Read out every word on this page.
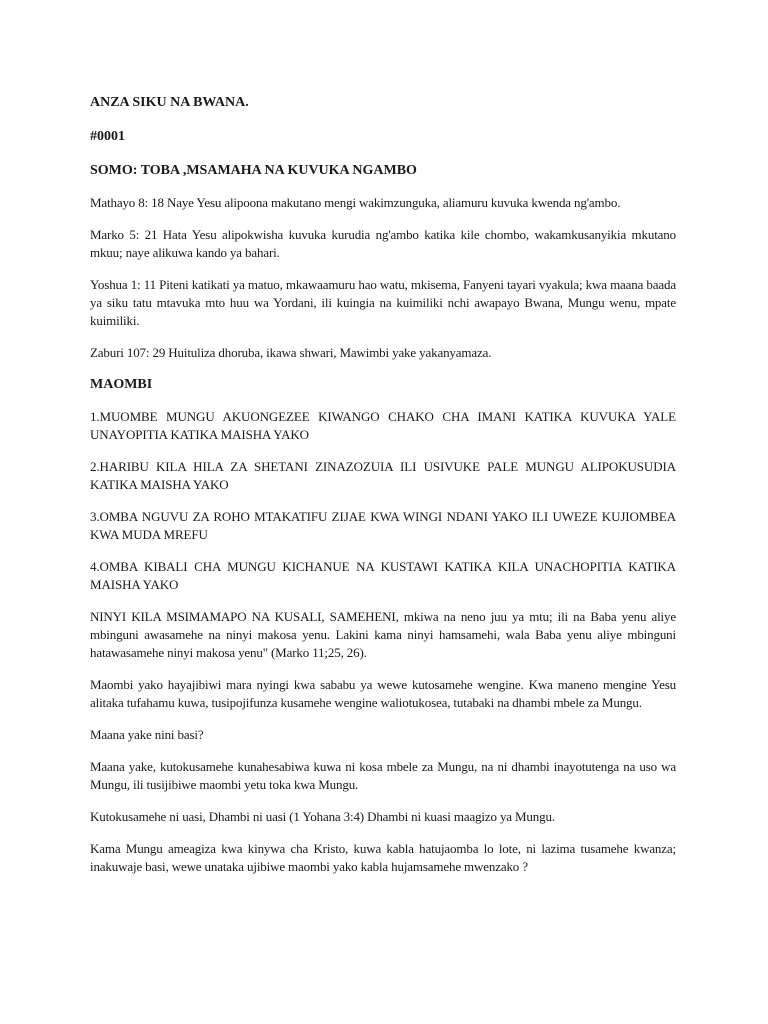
ANZA SIKU NA BWANA.

#0001

SOMO: TOBA ,MSAMAHA NA KUVUKA NGAMBO

Mathayo 8: 18 Naye Yesu alipoona makutano mengi wakimzunguka, aliamuru kuvuka kwenda ng'ambo.

Marko 5: 21 Hata Yesu alipokwisha kuvuka kurudia ng'ambo katika kile chombo, wakamkusanyikia mkutano mkuu; naye alikuwa kando ya bahari.

Yoshua 1: 11 Piteni katikati ya matuo, mkawaamuru hao watu, mkisema, Fanyeni tayari vyakula; kwa maana baada ya siku tatu mtavuka mto huu wa Yordani, ili kuingia na kuimiliki nchi awapayo Bwana, Mungu wenu, mpate kuimiliki.

Zaburi 107: 29 Huituliza dhoruba, ikawa shwari, Mawimbi yake yakanyamaza.

MAOMBI

1.MUOMBE MUNGU AKUONGEZEE KIWANGO CHAKO CHA IMANI KATIKA KUVUKA YALE UNAYOPITIA KATIKA MAISHA YAKO

2.HARIBU KILA HILA ZA SHETANI ZINAZOZUIA ILI USIVUKE PALE MUNGU ALIPOKUSUDIA KATIKA MAISHA YAKO

3.OMBA NGUVU ZA ROHO MTAKATIFU ZIJAE KWA WINGI NDANI YAKO ILI UWEZE KUJIOMBEA KWA MUDA MREFU

4.OMBA KIBALI CHA MUNGU KICHANUE NA KUSTAWI KATIKA KILA UNACHOPITIA KATIKA MAISHA YAKO

NINYI KILA MSIMAMAPO NA KUSALI, SAMEHENI, mkiwa na neno juu ya mtu; ili na Baba yenu aliye mbinguni awasamehe na ninyi makosa yenu. Lakini kama ninyi hamsamehi, wala Baba yenu aliye mbinguni hatawasamehe ninyi makosa yenu" (Marko 11;25, 26).

Maombi yako hayajibiwi mara nyingi kwa sababu ya wewe kutosamehe wengine. Kwa maneno mengine Yesu alitaka tufahamu kuwa, tusipojifunza kusamehe wengine waliotukosea, tutabaki na dhambi mbele za Mungu.

Maana yake nini basi?

Maana yake, kutokusamehe kunahesabiwa kuwa ni kosa mbele za Mungu, na ni dhambi inayotutenga na uso wa Mungu, ili tusijibiwe maombi yetu toka kwa Mungu.

Kutokusamehe ni uasi, Dhambi ni uasi (1 Yohana 3:4) Dhambi ni kuasi maagizo ya Mungu.

Kama Mungu ameagiza kwa kinywa cha Kristo, kuwa kabla hatujaomba lo lote, ni lazima tusamehe kwanza; inakuwaje basi, wewe unataka ujibiwe maombi yako kabla hujamsamehe mwenzako ?
